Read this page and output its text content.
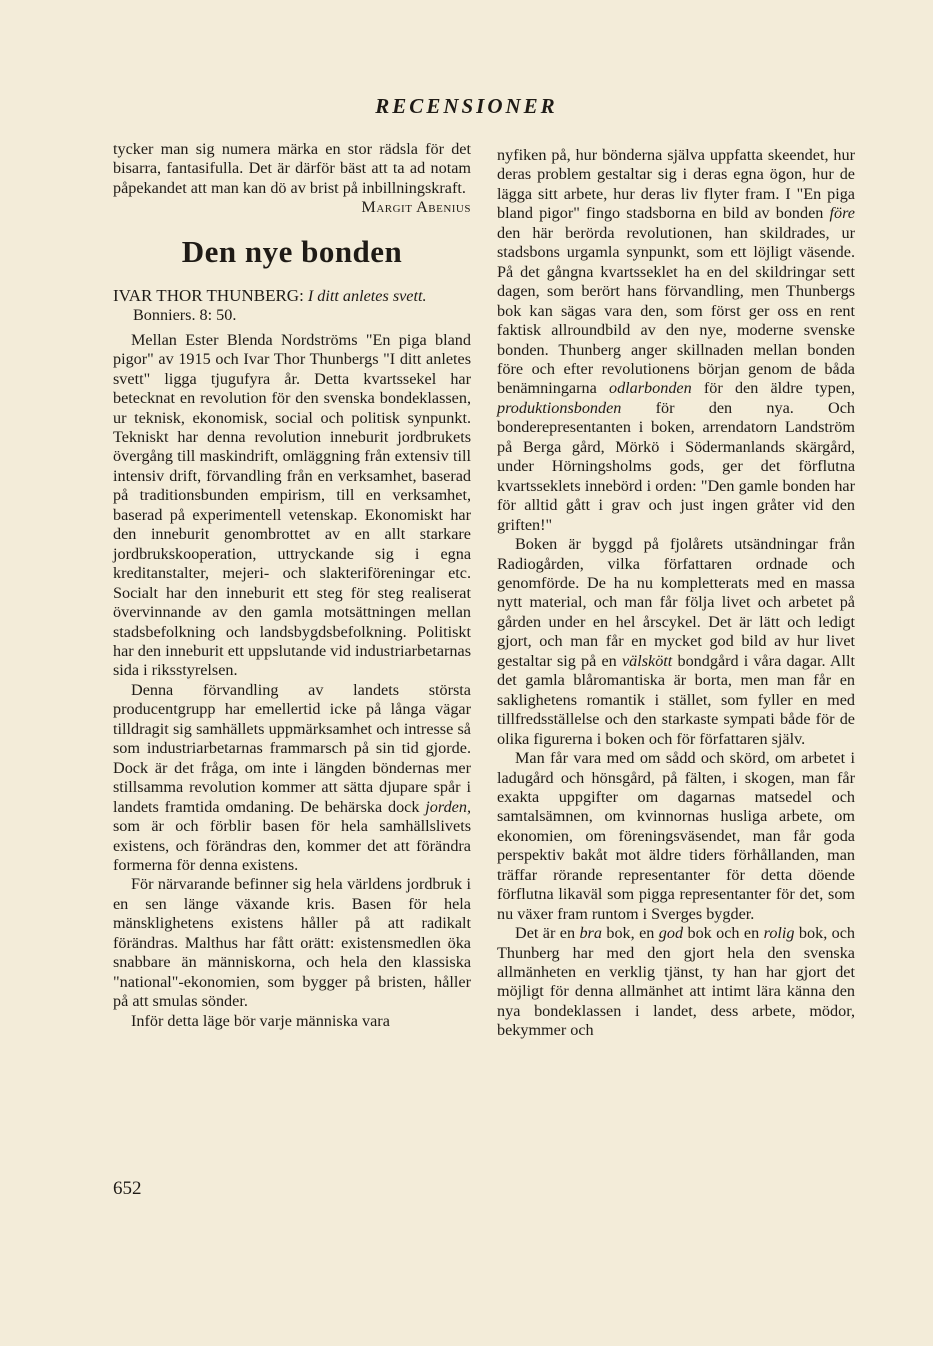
RECENSIONER

tycker man sig numera märka en stor rädsla för det bisarra, fantasifulla. Det är därför bäst att ta ad notam påpekandet att man kan dö av brist på inbillningskraft.
Margit Abenius

Den nye bonden
IVAR THOR THUNBERG: I ditt anletes svett.
Bonniers. 8: 50.

Mellan Ester Blenda Nordströms "En piga bland pigor" av 1915 och Ivar Thor Thunbergs "I ditt anletes svett" ligga tjugufyra år. Detta kvartssekel har betecknat en revolution för den svenska bondeklassen, ur teknisk, ekonomisk, social och politisk synpunkt. Tekniskt har denna revolution inneburit jordbrukets övergång till maskindrift, omläggning från extensiv till intensiv drift, förvandling från en verksamhet, baserad på traditionsbunden empirism, till en verksamhet, baserad på experimentell vetenskap. Ekonomiskt har den inneburit genombrottet av en allt starkare jordbrukskooperation, uttryckande sig i egna kreditanstalter, mejeri- och slakteriföreningar etc. Socialt har den inneburit ett steg för steg realiserat övervinnande av den gamla motsättningen mellan stadsbefolkning och landsbygdsbefolkning. Politiskt har den inneburit ett uppslutande vid industriarbetarnas sida i riksstyrelsen.

Denna förvandling av landets största producentgrupp har emellertid icke på långa vägar tilldragit sig samhällets uppmärksamhet och intresse så som industriarbetarnas frammarsch på sin tid gjorde. Dock är det fråga, om inte i längden böndernas mer stillsamma revolution kommer att sätta djupare spår i landets framtida omdaning. De behärska dock jorden, som är och förblir basen för hela samhällslivets existens, och förändras den, kommer det att förändra formerna för denna existens.

För närvarande befinner sig hela världens jordbruk i en sen länge växande kris. Basen för hela mänsklighetens existens håller på att radikalt förändras. Malthus har fått orätt: existensmedlen öka snabbare än människorna, och hela den klassiska "national"-ekonomien, som bygger på bristen, håller på att smulas sönder.

Inför detta läge bör varje människa vara

nyfiken på, hur bönderna själva uppfatta skeendet, hur deras problem gestaltar sig i deras egna ögon, hur de lägga sitt arbete, hur deras liv flyter fram. I "En piga bland pigor" fingo stadsborna en bild av bonden före den här berörda revolutionen, han skildrades, ur stadsbons urgamla synpunkt, som ett löjligt väsende. På det gångna kvartsseklet ha en del skildringar sett dagen, som berört hans förvandling, men Thunbergs bok kan sägas vara den, som först ger oss en rent faktisk allroundbild av den nye, moderne svenske bonden. Thunberg anger skillnaden mellan bonden före och efter revolutionens början genom de båda benämningarna odlarbonden för den äldre typen, produktionsbonden för den nya. Och bonderepresentanten i boken, arrendatorn Landström på Berga gård, Mörkö i Södermanlands skärgård, under Hörningsholms gods, ger det förflutna kvartsseklets innebörd i orden: "Den gamle bonden har för alltid gått i grav och just ingen gråter vid den griften!"

Boken är byggd på fjolårets utsändningar från Radiogården, vilka författaren ordnade och genomförde. De ha nu kompletterats med en massa nytt material, och man får följa livet och arbetet på gården under en hel årscykel. Det är lätt och ledigt gjort, och man får en mycket god bild av hur livet gestaltar sig på en välskött bondgård i våra dagar. Allt det gamla blåromantiska är borta, men man får en saklighetens romantik i stället, som fyller en med tillfredsställelse och den starkaste sympati både för de olika figurerna i boken och för författaren själv.

Man får vara med om sådd och skörd, om arbetet i ladugård och hönsgård, på fälten, i skogen, man får exakta uppgifter om dagarnas matsedel och samtalsämnen, om kvinnornas husliga arbete, om ekonomien, om föreningsväsendet, man får goda perspektiv bakåt mot äldre tiders förhållanden, man träffar rörande representanter för detta döende förflutna likaväl som pigga representanter för det, som nu växer fram runtom i Sverges bygder.

Det är en bra bok, en god bok och en rolig bok, och Thunberg har med den gjort hela den svenska allmänheten en verklig tjänst, ty han har gjort det möjligt för denna allmänhet att intimt lära känna den nya bondeklassen i landet, dess arbete, mödor, bekymmer och

652
